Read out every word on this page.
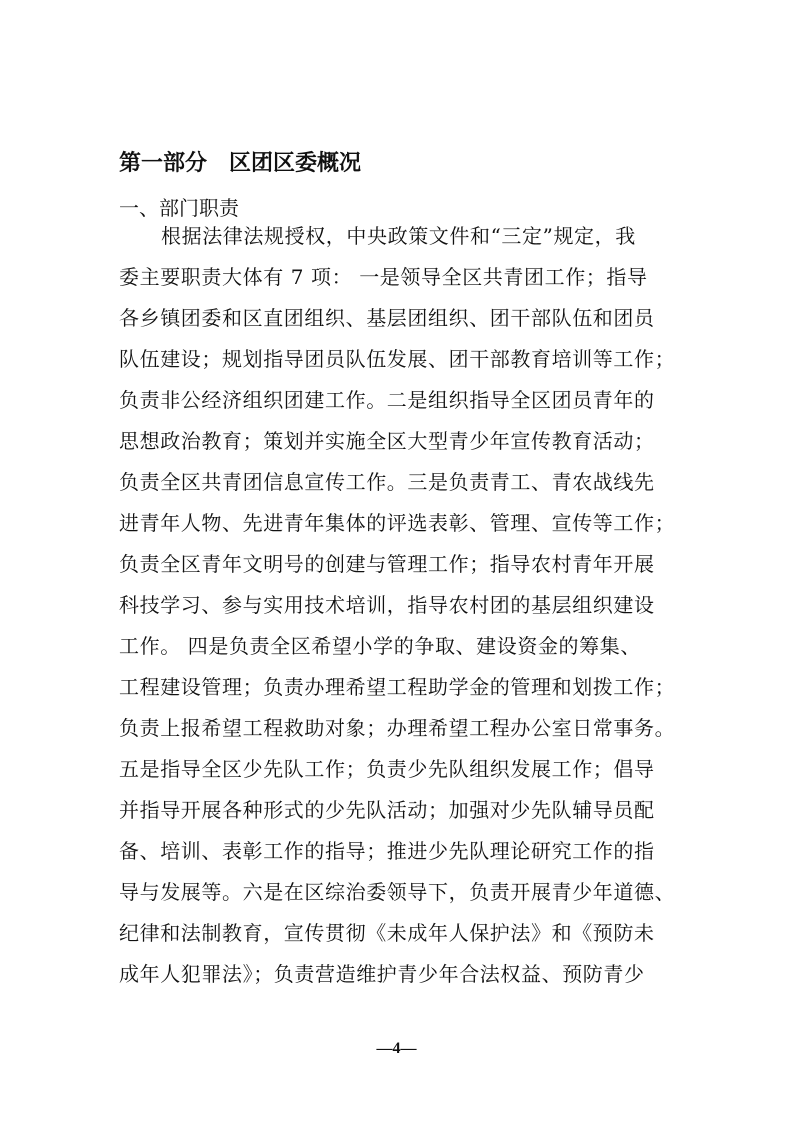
第一部分 区团区委概况
一、部门职责
根据法律法规授权，中央政策文件和“三定”规定，我
委主要职责大体有 7 项： 一是领导全区共青团工作；指导
各乡镇团委和区直团组织、基层团组织、团干部队伍和团员
队伍建设；规划指导团员队伍发展、团干部教育培训等工作；
负责非公经济组织团建工作。二是组织指导全区团员青年的
思想政治教育；策划并实施全区大型青少年宣传教育活动；
负责全区共青团信息宣传工作。三是负责青工、青农战线先
进青年人物、先进青年集体的评选表彰、管理、宣传等工作；
负责全区青年文明号的创建与管理工作；指导农村青年开展
科技学习、参与实用技术培训，指导农村团的基层组织建设
工作。 四是负责全区希望小学的争取、建设资金的筹集、
工程建设管理；负责办理希望工程助学金的管理和划拨工作；
负责上报希望工程救助对象；办理希望工程办公室日常事务。
五是指导全区少先队工作；负责少先队组织发展工作；倡导
并指导开展各种形式的少先队活动；加强对少先队辅导员配
备、培训、表彰工作的指导；推进少先队理论研究工作的指
导与发展等。六是在区综治委领导下，负责开展青少年道德、
纪律和法制教育，宣传贯彻《未成年人保护法》和《预防未
成年人犯罪法》；负责营造维护青少年合法权益、预防青少
—4—
